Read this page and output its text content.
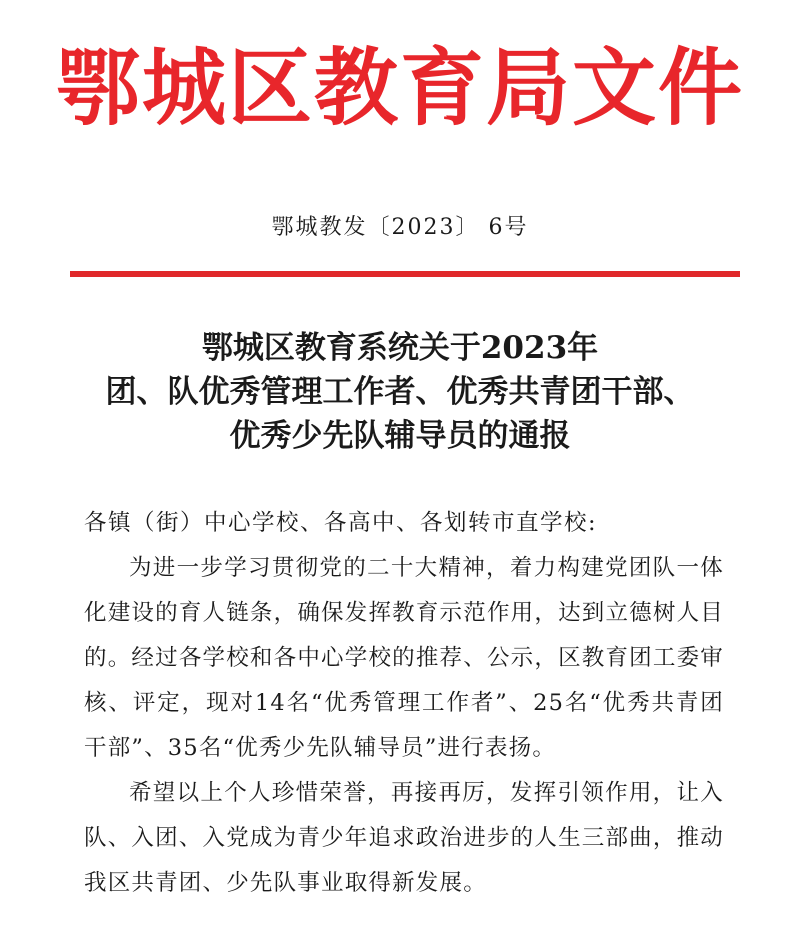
鄂城区教育局文件
鄂城教发〔2023〕 6号
鄂城区教育系统关于2023年
团、队优秀管理工作者、优秀共青团干部、
优秀少先队辅导员的通报

各镇（街）中心学校、各高中、各划转市直学校:

为进一步学习贯彻党的二十大精神，着力构建党团队一体化建设的育人链条，确保发挥教育示范作用，达到立德树人目的。经过各学校和各中心学校的推荐、公示，区教育团工委审核、评定，现对14名“优秀管理工作者”、25名“优秀共青团干部”、35名“优秀少先队辅导员”进行表扬。

希望以上个人珍惜荣誉，再接再厉，发挥引领作用，让入队、入团、入党成为青少年追求政治进步的人生三部曲，推动我区共青团、少先队事业取得新发展。
